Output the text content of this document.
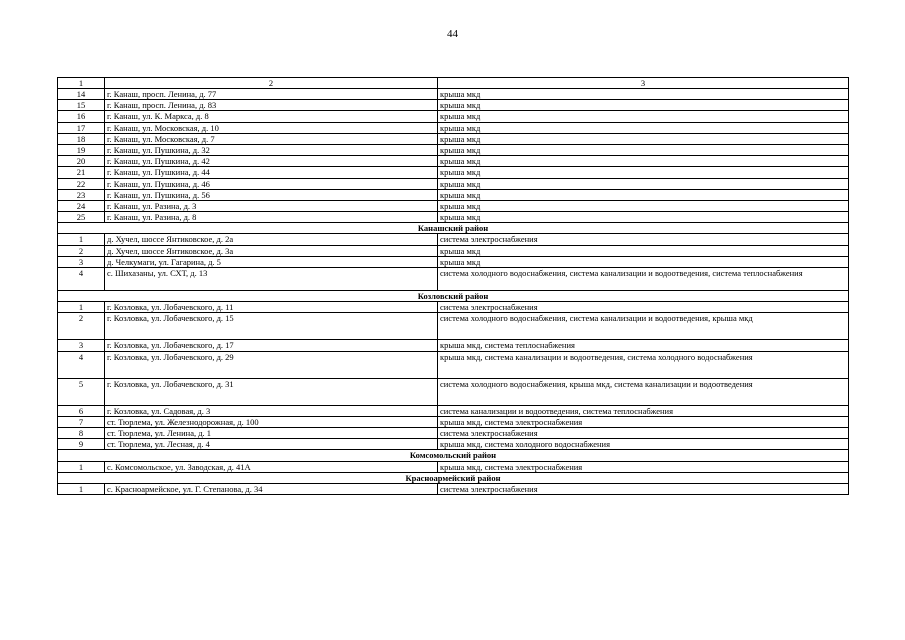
44
1	2	3
14	г. Канаш, просп. Ленина, д. 77	крыша мкд
15	г. Канаш, просп. Ленина, д. 83	крыша мкд
16	г. Канаш, ул. К. Маркса, д. 8	крыша мкд
17	г. Канаш, ул. Московская, д. 10	крыша мкд
18	г. Канаш, ул. Московская, д. 7	крыша мкд
19	г. Канаш, ул. Пушкина, д. 32	крыша мкд
20	г. Канаш, ул. Пушкина, д. 42	крыша мкд
21	г. Канаш, ул. Пушкина, д. 44	крыша мкд
22	г. Канаш, ул. Пушкина, д. 46	крыша мкд
23	г. Канаш, ул. Пушкина, д. 56	крыша мкд
24	г. Канаш, ул. Разина, д. 3	крыша мкд
25	г. Канаш, ул. Разина, д. 8	крыша мкд
Канашский район		
1	д. Хучел, шоссе Янтиковское, д. 2а	система электроснабжения
2	д. Хучел, шоссе Янтиковское, д. 3а	крыша мкд
3	д. Челкумаги, ул. Гагарина, д. 5	крыша мкд
4	с. Шихазаны, ул. СХТ, д. 13	система холодного водоснабжения, система канализации и водоотведения, система теплоснабжения
Козловский район		
1	г. Козловка, ул. Лобачевского, д. 11	система электроснабжения
2	г. Козловка, ул. Лобачевского, д. 15	система холодного водоснабжения, система канализации и водоотведения, крыша мкд
3	г. Козловка, ул. Лобачевского, д. 17	крыша мкд, система теплоснабжения
4	г. Козловка, ул. Лобачевского, д. 29	крыша мкд, система канализации и водоотведения, система холодного водоснабжения
5	г. Козловка, ул. Лобачевского, д. 31	система холодного водоснабжения, крыша мкд, система канализации и водоотведения
6	г. Козловка, ул. Садовая, д. 3	система канализации и водоотведения, система теплоснабжения
7	ст. Тюрлема, ул. Железнодорожная, д. 100	крыша мкд, система электроснабжения
8	ст. Тюрлема, ул. Ленина, д. 1	система электроснабжения
9	ст. Тюрлема, ул. Лесная, д. 4	крыша мкд, система холодного водоснабжения
Комсомольский район		
1	с. Комсомольское, ул. Заводская, д. 41А	крыша мкд, система электроснабжения
Красноармейский район		
1	с. Красноармейское, ул. Г. Степанова, д. 34	система электроснабжения
